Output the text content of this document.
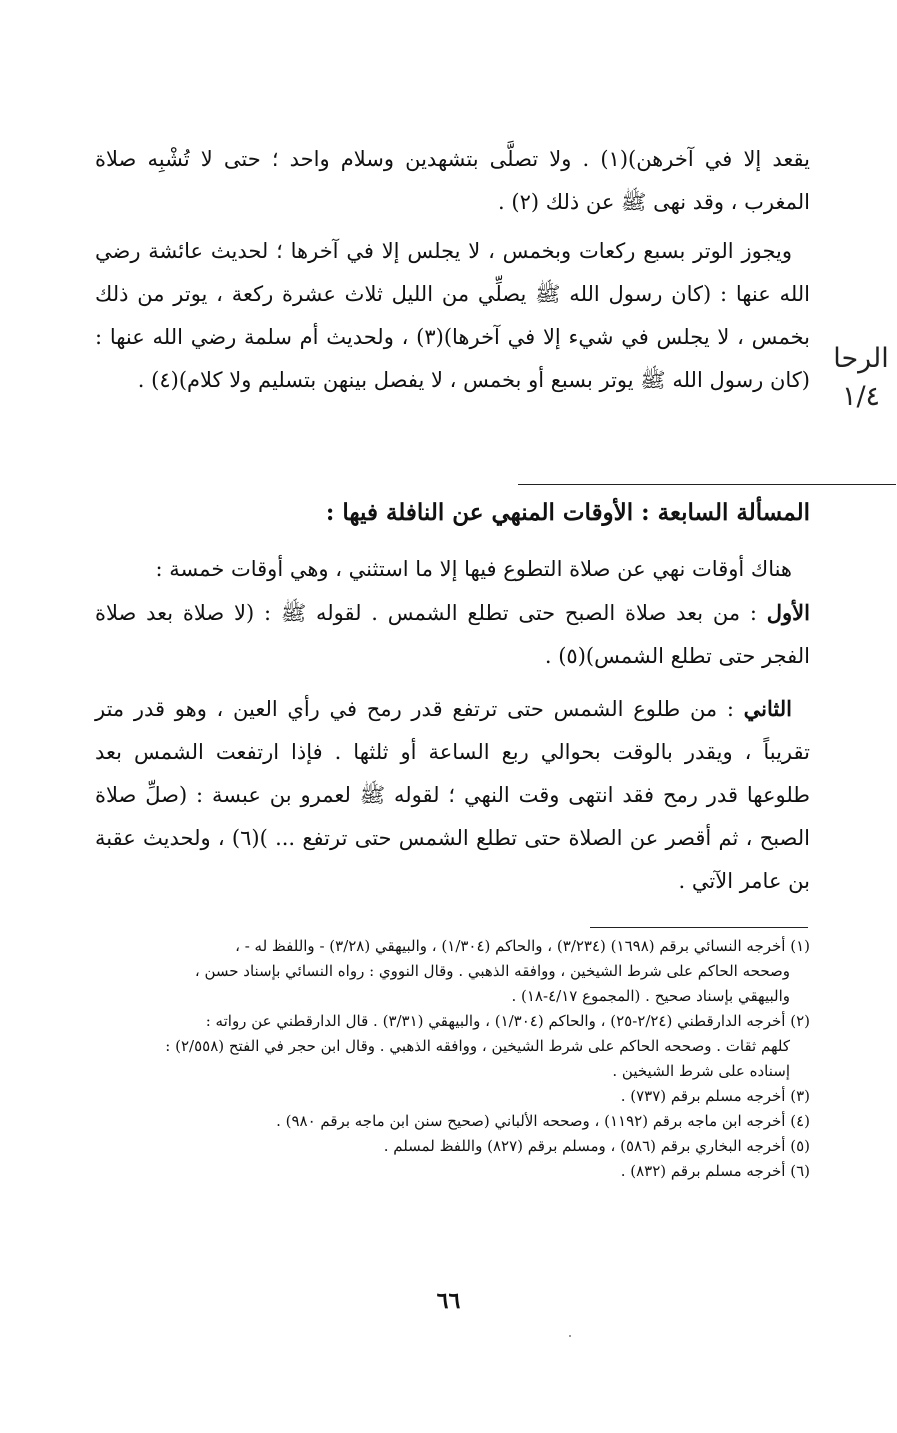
يقعد إلا في آخرهن)(١) . ولا تصلَّى بتشهدين وسلام واحد ؛ حتى لا تُشْبِه صلاة المغرب ، وقد نهى ﷺ عن ذلك (٢) .

ويجوز الوتر بسبع ركعات وبخمس ، لا يجلس إلا في آخرها ؛ لحديث عائشة رضي الله عنها : (كان رسول الله ﷺ يصلِّي من الليل ثلاث عشرة ركعة ، يوتر من ذلك بخمس ، لا يجلس في شيء إلا في آخرها)(٣) ، ولحديث أم سلمة رضي الله عنها : (كان رسول الله ﷺ يوتر بسبع أو بخمس ، لا يفصل بينهن بتسليم ولا كلام)(٤) .

الرحا
١/٤
المسألة السابعة : الأوقات المنهي عن النافلة فيها :

هناك أوقات نهي عن صلاة التطوع فيها إلا ما استثني ، وهي أوقات خمسة :
الأول : من بعد صلاة الصبح حتى تطلع الشمس . لقوله ﷺ : (لا صلاة بعد صلاة الفجر حتى تطلع الشمس)(٥) .

الثاني : من طلوع الشمس حتى ترتفع قدر رمح في رأي العين ، وهو قدر متر تقريباً ، ويقدر بالوقت بحوالي ربع الساعة أو ثلثها . فإذا ارتفعت الشمس بعد طلوعها قدر رمح فقد انتهى وقت النهي ؛ لقوله ﷺ لعمرو بن عبسة : (صلِّ صلاة الصبح ، ثم أقصر عن الصلاة حتى تطلع الشمس حتى ترتفع ... )(٦) ، ولحديث عقبة بن عامر الآتي .

(١) أخرجه النسائي برقم (١٦٩٨) (٣/٢٣٤) ، والحاكم (١/٣٠٤) ، والبيهقي (٣/٢٨) - واللفظ له - ،

وصححه الحاكم على شرط الشيخين ، ووافقه الذهبي . وقال النووي : رواه النسائي بإسناد حسن ،

والبيهقي بإسناد صحيح . (المجموع ٤/١٧-١٨) .

(٢) أخرجه الدارقطني (٢/٢٤-٢٥) ، والحاكم (١/٣٠٤) ، والبيهقي (٣/٣١) . قال الدارقطني عن رواته :

كلهم ثقات . وصححه الحاكم على شرط الشيخين ، ووافقه الذهبي . وقال ابن حجر في الفتح (٢/٥٥٨) :

إسناده على شرط الشيخين .

(٣) أخرجه مسلم برقم (٧٣٧) .

(٤) أخرجه ابن ماجه برقم (١١٩٢) ، وصححه الألباني (صحيح سنن ابن ماجه برقم ٩٨٠) .

(٥) أخرجه البخاري برقم (٥٨٦) ، ومسلم برقم (٨٢٧) واللفظ لمسلم .

(٦) أخرجه مسلم برقم (٨٣٢) .

٦٦
